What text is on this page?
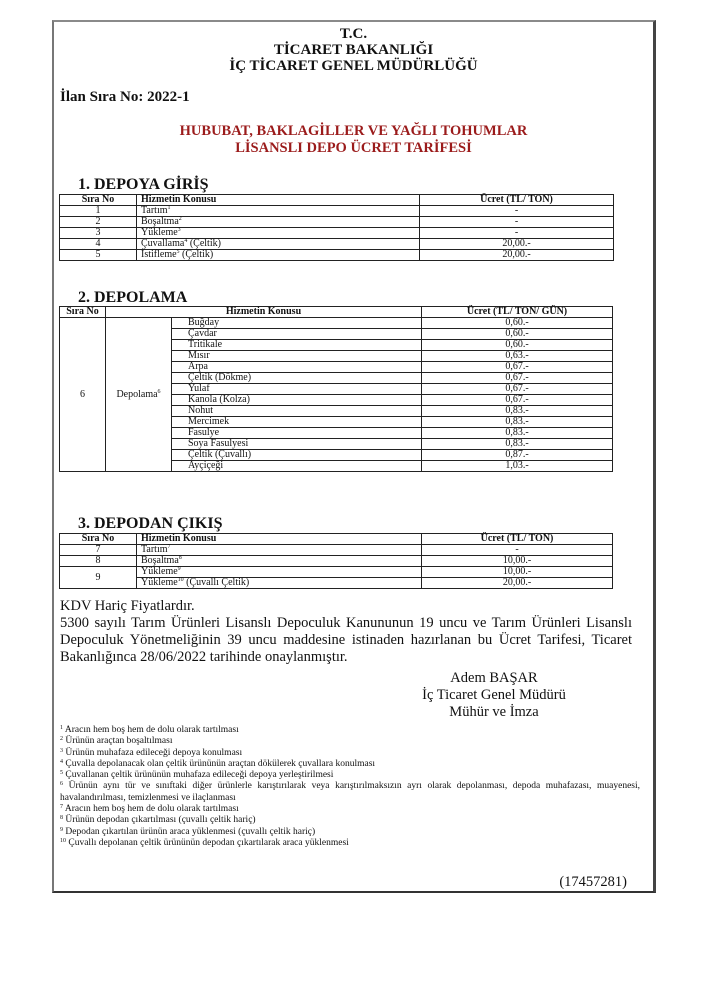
T.C.
TİCARET BAKANLIĞI
İÇ TİCARET GENEL MÜDÜRLÜĞÜ
İlan Sıra No: 2022-1
HUBUBAT, BAKLAGİLLER VE YAĞLI TOHUMLAR
LİSANSLI DEPO ÜCRET TARİFESİ
1. DEPOYA GİRİŞ
Sıra No	Hizmetin Konusu	Ücret (TL/ TON)
1	Tartım$^1$	-
2	Boşaltma$^2$	-
3	Yükleme$^3$	-
4	Çuvallama$^4$ (Çeltik)	20,00.-
5	İstifleme$^5$ (Çeltik)	20,00.-
2. DEPOLAMA
Sıra No	Hizmetin Konusu		Ücret (TL/ TON/ GÜN)
6	Depolama$^6$	Buğday	0,60.-
		Çavdar	0,60.-
		Tritikale	0,60.-
		Mısır	0,63.-
		Arpa	0,67.-
		Çeltik (Dökme)	0,67.-
		Yulaf	0,67.-
		Kanola (Kolza)	0,67.-
		Nohut	0,83.-
		Mercimek	0,83.-
		Fasulye	0,83.-
		Soya Fasulyesi	0,83.-
		Çeltik (Çuvallı)	0,87.-
		Ayçiçeği	1,03.-
3. DEPODAN ÇIKIŞ
Sıra No	Hizmetin Konusu	Ücret (TL/ TON)
7	Tartım$^7$	-
8	Boşaltma$^8$	10,00.-
9	Yükleme$^9$	10,00.-
	Yükleme$^{10}$ (Çuvallı Çeltik)	20,00.-
KDV Hariç Fiyatlardır.
5300 sayılı Tarım Ürünleri Lisanslı Depoculuk Kanununun 19 uncu ve Tarım Ürünleri Lisanslı Depoculuk Yönetmeliğinin 39 uncu maddesine istinaden hazırlanan bu Ücret Tarifesi, Ticaret Bakanlığınca 28/06/2022 tarihinde onaylanmıştır.
Adem BAŞAR
İç Ticaret Genel Müdürü
Mühür ve İmza
$^1$ Aracın hem boş hem de dolu olarak tartılması
$^2$ Ürünün araçtan boşaltılması
$^3$ Ürünün muhafaza edileceği depoya konulması
$^4$ Çuvalla depolanacak olan çeltik ürününün araçtan dökülerek çuvallara konulması
$^5$ Çuvallanan çeltik ürününün muhafaza edileceği depoya yerleştirilmesi
$^6$ Ürünün aynı tür ve sınıftaki diğer ürünlerle karıştırılarak veya karıştırılmaksızın ayrı olarak depolanması, depoda muhafazası, muayenesi, havalandırılması, temizlenmesi ve ilaçlanması
$^7$ Aracın hem boş hem de dolu olarak tartılması
$^8$ Ürünün depodan çıkartılması (çuvallı çeltik hariç)
$^9$ Depodan çıkartılan ürünün araca yüklenmesi (çuvallı çeltik hariç)
$^{10}$ Çuvallı depolanan çeltik ürününün depodan çıkartılarak araca yüklenmesi
(17457281)
